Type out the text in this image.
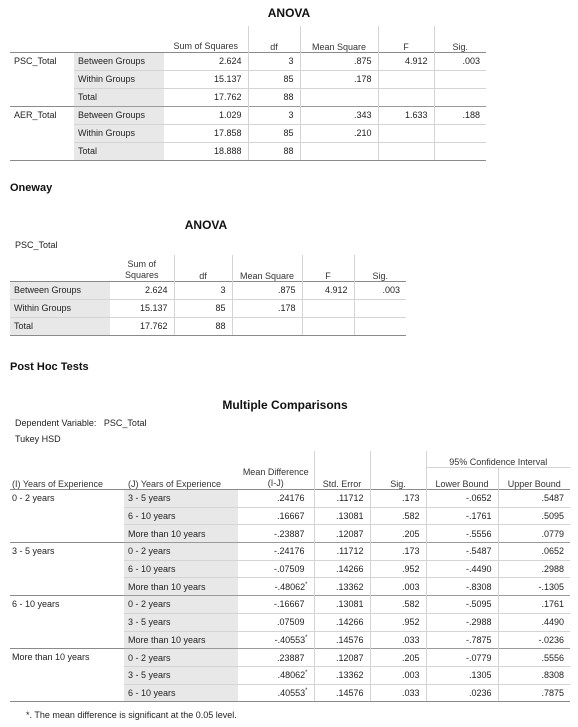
ANOVA
		Sum of Squares	df	Mean Square	F	Sig.
PSC_Total	Between Groups	2.624	3	.875	4.912	.003
	Within Groups	15.137	85	.178		
	Total	17.762	88			
AER_Total	Between Groups	1.029	3	.343	1.633	.188
	Within Groups	17.858	85	.210		
	Total	18.888	88			
Oneway
ANOVA
PSC_Total
	Sum of Squares	df	Mean Square	F	Sig.
Between Groups	2.624	3	.875	4.912	.003
Within Groups	15.137	85	.178		
Total	17.762	88			
Post Hoc Tests
Multiple Comparisons
Dependent Variable: PSC_Total
Tukey HSD
					95% Confidence Interval	
(I) Years of Experience	(J) Years of Experience	Mean Difference (I-J)	Std. Error	Sig.	Lower Bound	Upper Bound
0 - 2 years	3 - 5 years	.24176	.11712	.173	-.0652	.5487
	6 - 10 years	.16667	.13081	.582	-.1761	.5095
	More than 10 years	-.23887	.12087	.205	-.5556	.0779
3 - 5 years	0 - 2 years	-.24176	.11712	.173	-.5487	.0652
	6 - 10 years	-.07509	.14266	.952	-.4490	.2988
	More than 10 years	-.48062*	.13362	.003	-.8308	-.1305
6 - 10 years	0 - 2 years	-.16667	.13081	.582	-.5095	.1761
	3 - 5 years	.07509	.14266	.952	-.2988	.4490
	More than 10 years	-.40553*	.14576	.033	-.7875	-.0236
More than 10 years	0 - 2 years	.23887	.12087	.205	-.0779	.5556
	3 - 5 years	.48062*	.13362	.003	.1305	.8308
	6 - 10 years	.40553*	.14576	.033	.0236	.7875
*. The mean difference is significant at the 0.05 level.
